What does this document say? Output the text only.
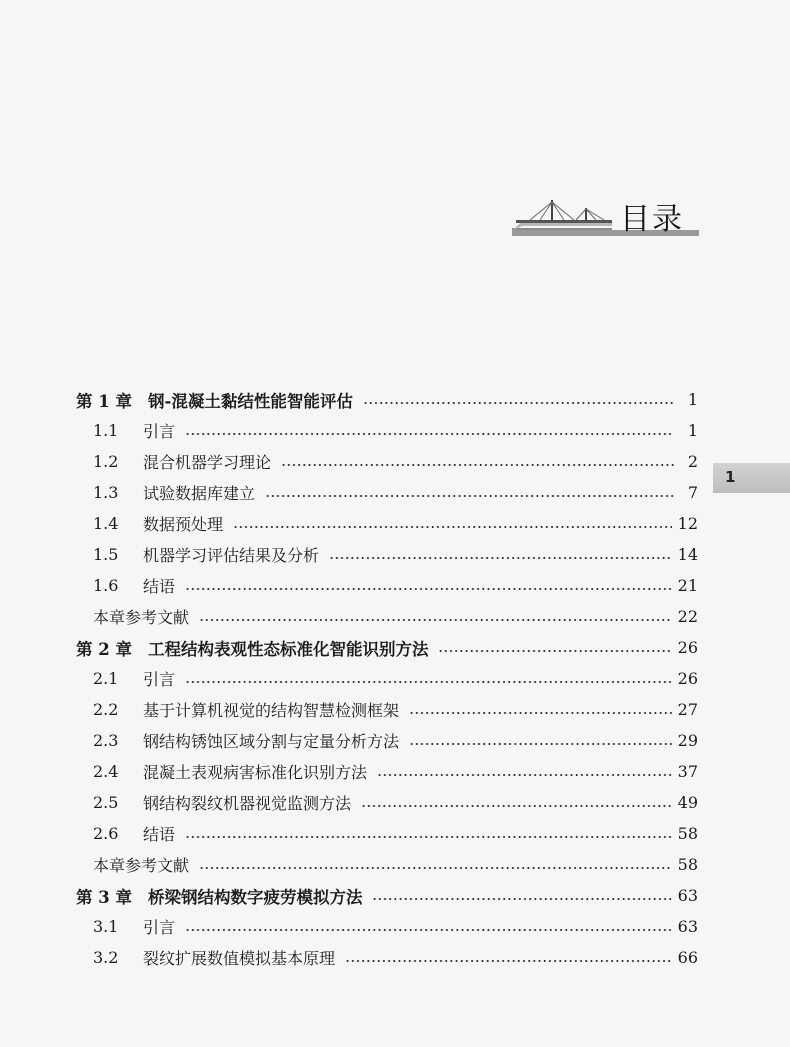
目录
1
第 1 章 钢-混凝土黏结性能智能评估	1
1.1	引言	1
1.2	混合机器学习理论	2
1.3	试验数据库建立	7
1.4	数据预处理	12
1.5	机器学习评估结果及分析	14
1.6	结语	21
本章参考文献	22
第 2 章 工程结构表观性态标准化智能识别方法	26
2.1	引言	26
2.2	基于计算机视觉的结构智慧检测框架	27
2.3	钢结构锈蚀区域分割与定量分析方法	29
2.4	混凝土表观病害标准化识别方法	37
2.5	钢结构裂纹机器视觉监测方法	49
2.6	结语	58
本章参考文献	58
第 3 章 桥梁钢结构数字疲劳模拟方法	63
3.1	引言	63
3.2	裂纹扩展数值模拟基本原理	66
